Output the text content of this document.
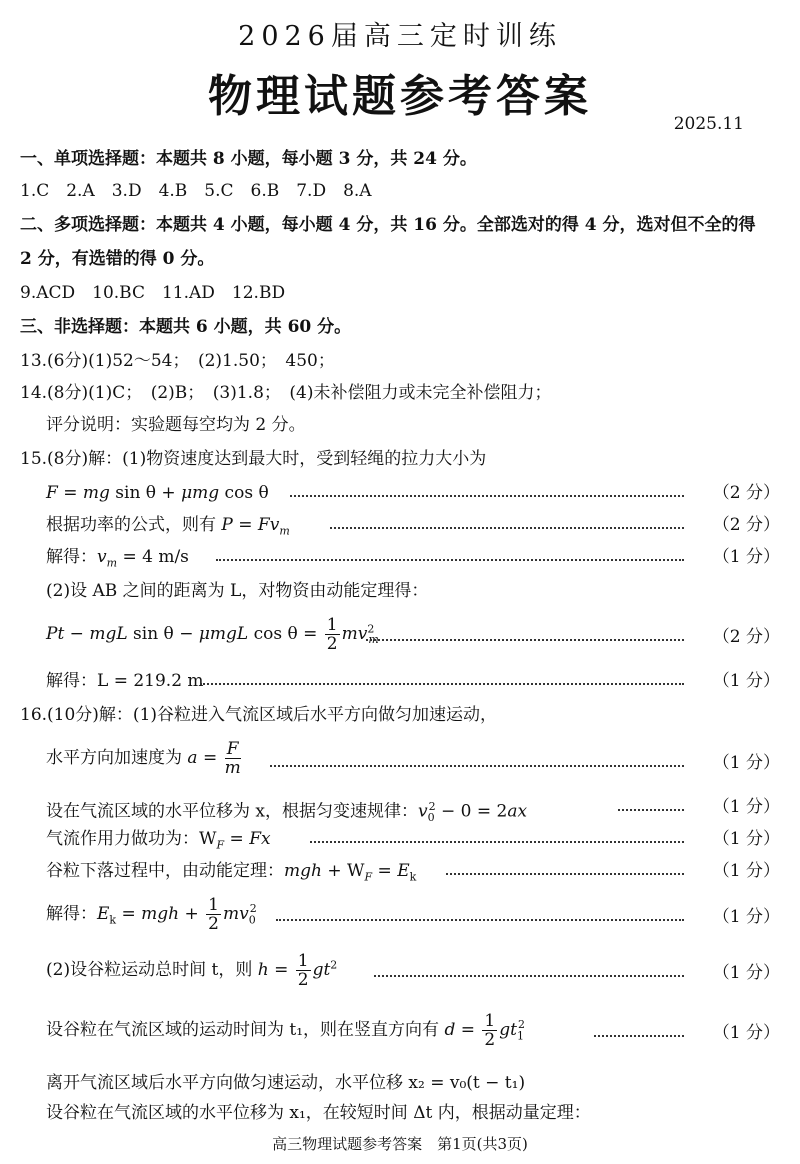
2026届高三定时训练
物理试题参考答案
2025.11
一、单项选择题：本题共 8 小题，每小题 3 分，共 24 分。
1.C　2.A　3.D　4.B　5.C　6.B　7.D　8.A
二、多项选择题：本题共 4 小题，每小题 4 分，共 16 分。全部选对的得 4 分，选对但不全的得
2 分，有选错的得 0 分。
9.ACD　10.BC　11.AD　12.BD
三、非选择题：本题共 6 小题，共 60 分。
13.(6分)(1)52～54；　(2)1.50；　450；
14.(8分)(1)C；　(2)B；　(3)1.8；　(4)未补偿阻力或未完全补偿阻力；
评分说明：实验题每空均为 2 分。
15.(8分)解：(1)物资速度达到最大时，受到轻绳的拉力大小为
F = mg sin θ + μmg cos θ	（2 分）
根据功率的公式，则有 $P = Fv_m$	（2 分）
解得：$v_m = 4$ m/s	（1 分）
(2)设 AB 之间的距离为 L，对物资由动能定理得：
Pt − mgL sin θ − μmgL $\cos \theta = \frac{1}{2} mv^2_m$	（2 分）
解得：L = 219.2 m	（1 分）
16.(10分)解：(1)谷粒进入气流区域后水平方向做匀加速运动，
水平方向加速度为 $a = \frac{F}{m}$	（1 分）
设在气流区域的水平位移为 x，根据匀变速规律：$v_0^2 - 0 = 2ax$	（1 分）
气流作用力做功为：$W_F = Fx$	（1 分）
谷粒下落过程中，由动能定理：mgh + $W_F = E_k$	（1 分）
解得：$E_k$ = mgh + $\frac{1}{2} mv_0^2$	（1 分）
(2)设谷粒运动总时间 t，则 $h = \frac{1}{2} gt^2$	（1 分）
设谷粒在气流区域的运动时间为 t₁，则在竖直方向有 $d = \frac{1}{2} gt_1^2$	（1 分）
离开气流区域后水平方向做匀速运动，水平位移 x₂ = v₀(t − t₁)
设谷粒在气流区域的水平位移为 x₁，在较短时间 Δt 内，根据动量定理：
高三物理试题参考答案　第1页(共3页)
